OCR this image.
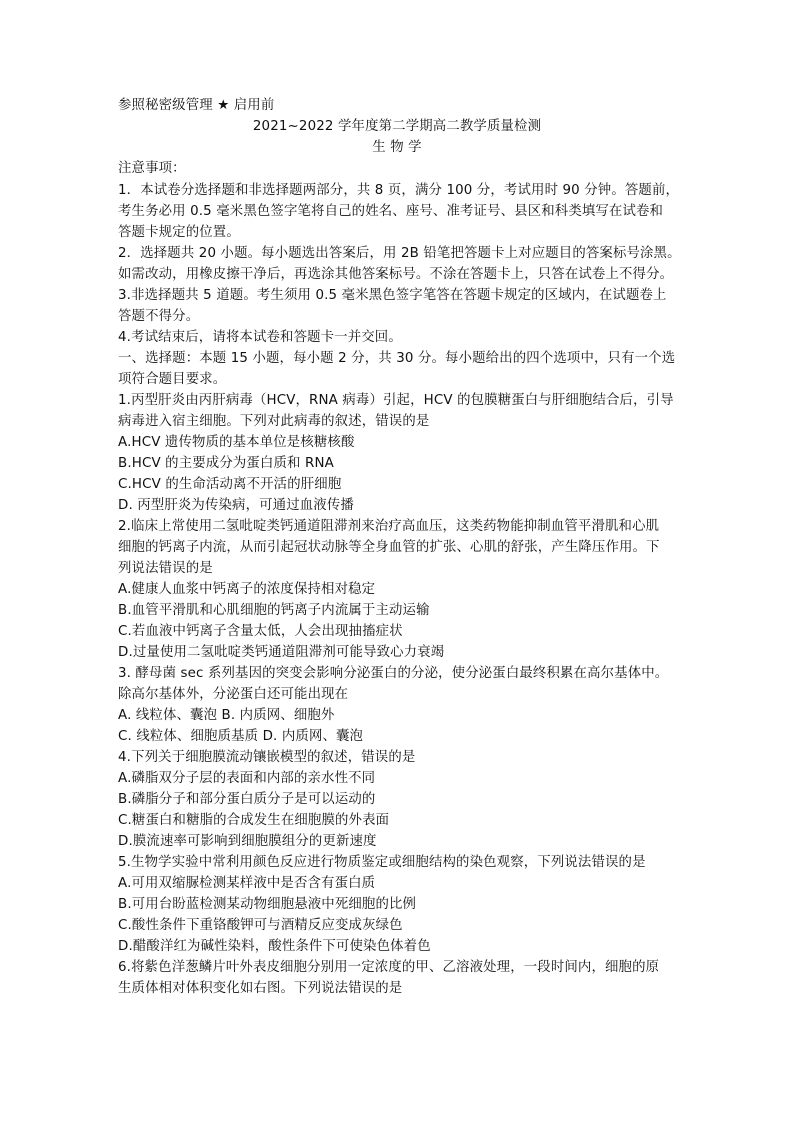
参照秘密级管理 ★ 启用前
2021~2022 学年度第二学期高二教学质量检测
生 物 学
注意事项：
1．本试卷分选择题和非选择题两部分，共 8 页，满分 100 分，考试用时 90 分钟。答题前，
考生务必用 0.5 毫米黑色签字笔将自己的姓名、座号、准考证号、县区和科类填写在试卷和
答题卡规定的位置。
2．选择题共 20 小题。每小题选出答案后，用 2B 铅笔把答题卡上对应题目的答案标号涂黑。
如需改动，用橡皮擦干净后，再选涂其他答案标号。不涂在答题卡上，只答在试卷上不得分。
3.非选择题共 5 道题。考生须用 0.5 毫米黑色签字笔答在答题卡规定的区域内，在试题卷上
答题不得分。
4.考试结束后，请将本试卷和答题卡一并交回。
一、选择题：本题 15 小题，每小题 2 分，共 30 分。每小题给出的四个选项中，只有一个选
项符合题目要求。
1.丙型肝炎由丙肝病毒（HCV，RNA 病毒）引起，HCV 的包膜糖蛋白与肝细胞结合后，引导
病毒进入宿主细胞。下列对此病毒的叙述，错误的是
A.HCV 遗传物质的基本单位是核糖核酸
B.HCV 的主要成分为蛋白质和 RNA
C.HCV 的生命活动离不开活的肝细胞
D. 丙型肝炎为传染病，可通过血液传播
2.临床上常使用二氢吡啶类钙通道阻滞剂来治疗高血压，这类药物能抑制血管平滑肌和心肌
细胞的钙离子内流，从而引起冠状动脉等全身血管的扩张、心肌的舒张，产生降压作用。下
列说法错误的是
A.健康人血浆中钙离子的浓度保持相对稳定
B.血管平滑肌和心肌细胞的钙离子内流属于主动运输
C.若血液中钙离子含量太低，人会出现抽搐症状
D.过量使用二氢吡啶类钙通道阻滞剂可能导致心力衰竭
3. 酵母菌 sec 系列基因的突变会影响分泌蛋白的分泌，使分泌蛋白最终积累在高尔基体中。
除高尔基体外，分泌蛋白还可能出现在
A. 线粒体、囊泡 B. 内质网、细胞外
C. 线粒体、细胞质基质 D. 内质网、囊泡
4.下列关于细胞膜流动镶嵌模型的叙述，错误的是
A.磷脂双分子层的表面和内部的亲水性不同
B.磷脂分子和部分蛋白质分子是可以运动的
C.糖蛋白和糖脂的合成发生在细胞膜的外表面
D.膜流速率可影响到细胞膜组分的更新速度
5.生物学实验中常利用颜色反应进行物质鉴定或细胞结构的染色观察，下列说法错误的是
A.可用双缩脲检测某样液中是否含有蛋白质
B.可用台盼蓝检测某动物细胞悬液中死细胞的比例
C.酸性条件下重铬酸钾可与酒精反应变成灰绿色
D.醋酸洋红为碱性染料，酸性条件下可使染色体着色
6.将紫色洋葱鳞片叶外表皮细胞分别用一定浓度的甲、乙溶液处理，一段时间内，细胞的原
生质体相对体积变化如右图。下列说法错误的是
